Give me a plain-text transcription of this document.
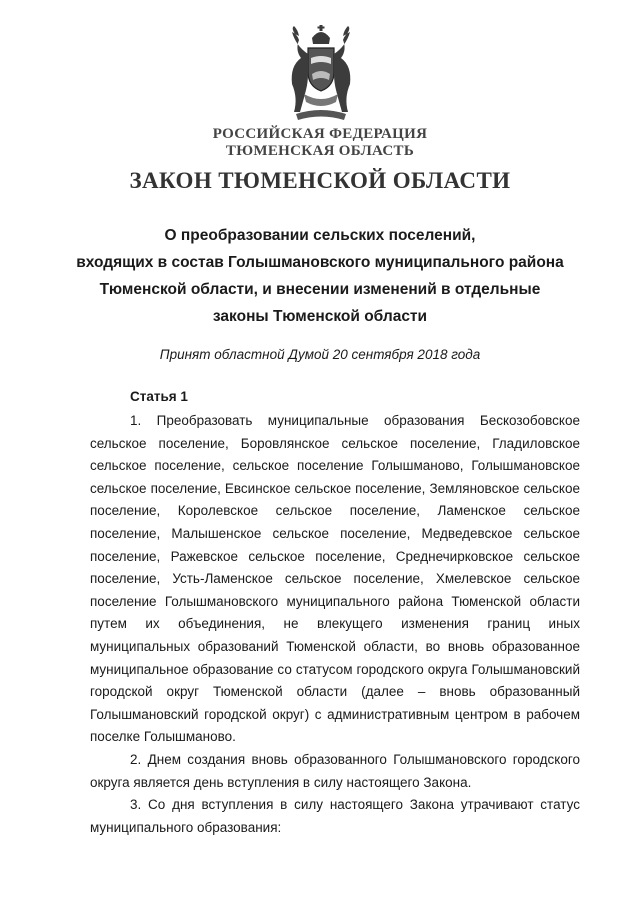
РОССИЙСКАЯ ФЕДЕРАЦИЯ
ТЮМЕНСКАЯ ОБЛАСТЬ
ЗАКОН ТЮМЕНСКОЙ ОБЛАСТИ
О преобразовании сельских поселений,
входящих в состав Голышмановского муниципального района
Тюменской области, и внесении изменений в отдельные
законы Тюменской области
Принят областной Думой 20 сентября 2018 года
Статья 1

1. Преобразовать муниципальные образования Бескозобовское сельское поселение, Боровлянское сельское поселение, Гладиловское сельское поселение, сельское поселение Голышманово, Голышмановское сельское поселение, Евсинское сельское поселение, Земляновское сельское поселение, Королевское сельское поселение, Ламенское сельское поселение, Малышенское сельское поселение, Медведевское сельское поселение, Ражевское сельское поселение, Среднечирковское сельское поселение, Усть-Ламенское сельское поселение, Хмелевское сельское поселение Голышмановского муниципального района Тюменской области путем их объединения, не влекущего изменения границ иных муниципальных образований Тюменской области, во вновь образованное муниципальное образование со статусом городского округа Голышмановский городской округ Тюменской области (далее – вновь образованный Голышмановский городской округ) с административным центром в рабочем поселке Голышманово.

2. Днем создания вновь образованного Голышмановского городского округа является день вступления в силу настоящего Закона.

3. Со дня вступления в силу настоящего Закона утрачивают статус муниципального образования:
